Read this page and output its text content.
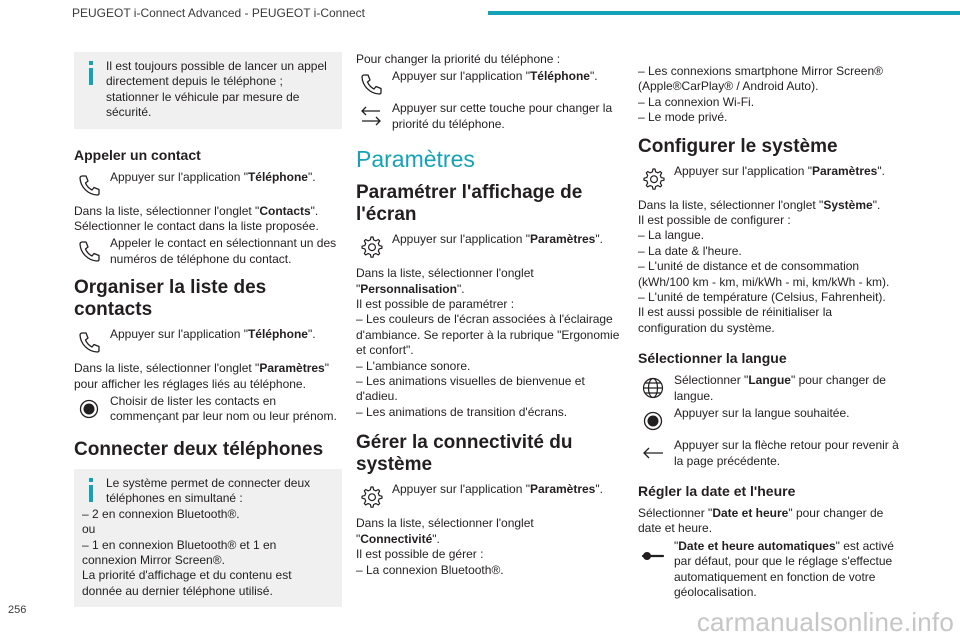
PEUGEOT i-Connect Advanced - PEUGEOT i-Connect
256	carmanualsonline.info
Il est toujours possible de lancer un appel directement depuis le téléphone ; stationner le véhicule par mesure de sécurité.
Appeler un contact

Appuyer sur l'application "Téléphone".

Dans la liste, sélectionner l'onglet "Contacts".

Sélectionner le contact dans la liste proposée.

Appeler le contact en sélectionnant un des numéros de téléphone du contact.

Organiser la liste des contacts

Appuyer sur l'application "Téléphone".

Dans la liste, sélectionner l'onglet "Paramètres" pour afficher les réglages liés au téléphone.

Choisir de lister les contacts en commençant par leur nom ou leur prénom.

Connecter deux téléphones
Le système permet de connecter deux téléphones en simultané :
– 2 en connexion Bluetooth®.
ou
– 1 en connexion Bluetooth® et 1 en connexion Mirror Screen®.
La priorité d'affichage et du contenu est donnée au dernier téléphone utilisé.

Pour changer la priorité du téléphone :

Appuyer sur l'application "Téléphone".

Appuyer sur cette touche pour changer la priorité du téléphone.

Paramètres
Paramétrer l'affichage de l'écran

Appuyer sur l'application "Paramètres".

Dans la liste, sélectionner l'onglet "Personnalisation".

Il est possible de paramétrer :

– Les couleurs de l'écran associées à l'éclairage d'ambiance. Se reporter à la rubrique "Ergonomie et confort".

– L'ambiance sonore.

– Les animations visuelles de bienvenue et d'adieu.

– Les animations de transition d'écrans.

Gérer la connectivité du système

Appuyer sur l'application "Paramètres".

Dans la liste, sélectionner l'onglet "Connectivité".

Il est possible de gérer :

– La connexion Bluetooth®.

– Les connexions smartphone Mirror Screen® (Apple®CarPlay® / Android Auto).

– La connexion Wi-Fi.

– Le mode privé.

Configurer le système

Appuyer sur l'application "Paramètres".

Dans la liste, sélectionner l'onglet "Système".

Il est possible de configurer :

– La langue.

– La date & l'heure.

– L'unité de distance et de consommation (kWh/100 km - km, mi/kWh - mi, km/kWh - km).

– L'unité de température (Celsius, Fahrenheit).

Il est aussi possible de réinitialiser la configuration du système.

Sélectionner la langue

Sélectionner "Langue" pour changer de langue.

Appuyer sur la langue souhaitée.

Appuyer sur la flèche retour pour revenir à la page précédente.

Régler la date et l'heure

Sélectionner "Date et heure" pour changer de date et heure.

"Date et heure automatiques" est activé par défaut, pour que le réglage s'effectue automatiquement en fonction de votre géolocalisation.
